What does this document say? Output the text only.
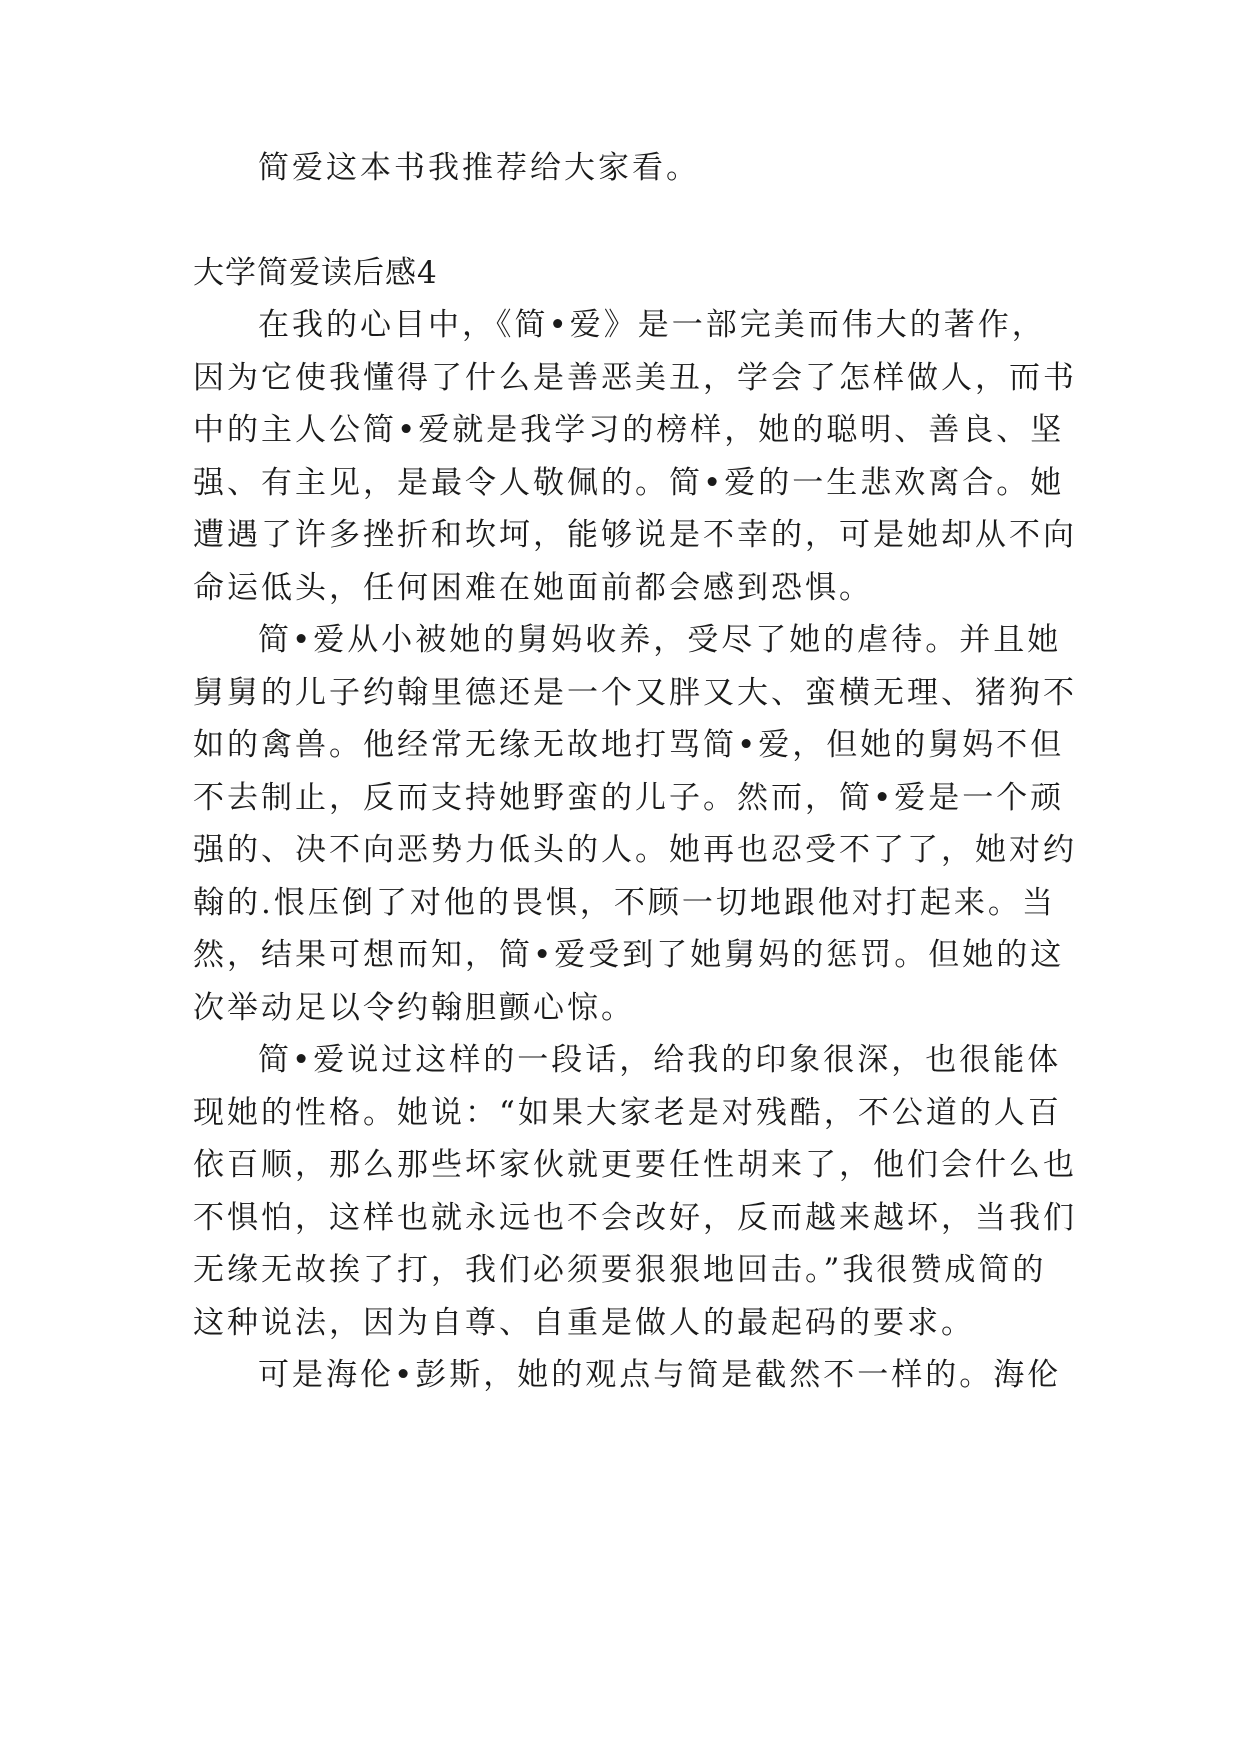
简爱这本书我推荐给大家看。
大学简爱读后感4
在我的心目中，《简•爱》是一部完美而伟大的著作，
因为它使我懂得了什么是善恶美丑，学会了怎样做人，而书
中的主人公简•爱就是我学习的榜样，她的聪明、善良、坚
强、有主见，是最令人敬佩的。简•爱的一生悲欢离合。她
遭遇了许多挫折和坎坷，能够说是不幸的，可是她却从不向
命运低头，任何困难在她面前都会感到恐惧。
简•爱从小被她的舅妈收养，受尽了她的虐待。并且她
舅舅的儿子约翰里德还是一个又胖又大、蛮横无理、猪狗不
如的禽兽。他经常无缘无故地打骂简•爱，但她的舅妈不但
不去制止，反而支持她野蛮的儿子。然而，简•爱是一个顽
强的、决不向恶势力低头的人。她再也忍受不了了，她对约
翰的.恨压倒了对他的畏惧，不顾一切地跟他对打起来。当
然，结果可想而知，简•爱受到了她舅妈的惩罚。但她的这
次举动足以令约翰胆颤心惊。
简•爱说过这样的一段话，给我的印象很深，也很能体
现她的性格。她说：“如果大家老是对残酷，不公道的人百
依百顺，那么那些坏家伙就更要任性胡来了，他们会什么也
不惧怕，这样也就永远也不会改好，反而越来越坏，当我们
无缘无故挨了打，我们必须要狠狠地回击。”我很赞成简的
这种说法，因为自尊、自重是做人的最起码的要求。
可是海伦•彭斯，她的观点与简是截然不一样的。海伦
